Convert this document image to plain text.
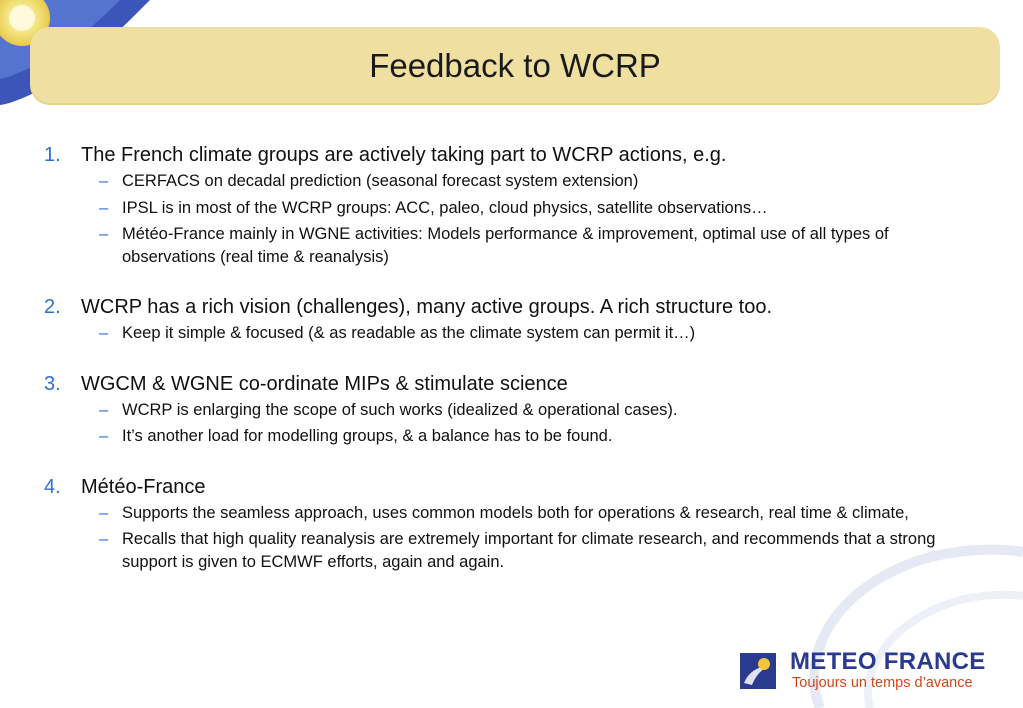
Feedback to WCRP
1.	The French climate groups are actively taking part to WCRP actions, e.g.
– CERFACS on decadal prediction (seasonal forecast system extension)
– IPSL is in most of the WCRP groups: ACC, paleo, cloud physics, satellite observations…
– Météo-France mainly in WGNE activities: Models performance & improvement, optimal use of all types of observations (real time & reanalysis)
2.	WCRP has a rich vision (challenges), many active groups. A rich structure too.
– Keep it simple & focused (& as readable as the climate system can permit it…)
3.	WGCM & WGNE co-ordinate MIPs & stimulate science
– WCRP is enlarging the scope of such works (idealized & operational cases).
– It’s another load for modelling groups, & a balance has to be found.
4.	Météo-France
– Supports the seamless approach, uses common models both for operations & research, real time & climate,
– Recalls that high quality reanalysis are extremely important for climate research, and recommends that a strong support is given to ECMWF efforts, again and again.
METEO FRANCE
Toujours un temps d’avance
